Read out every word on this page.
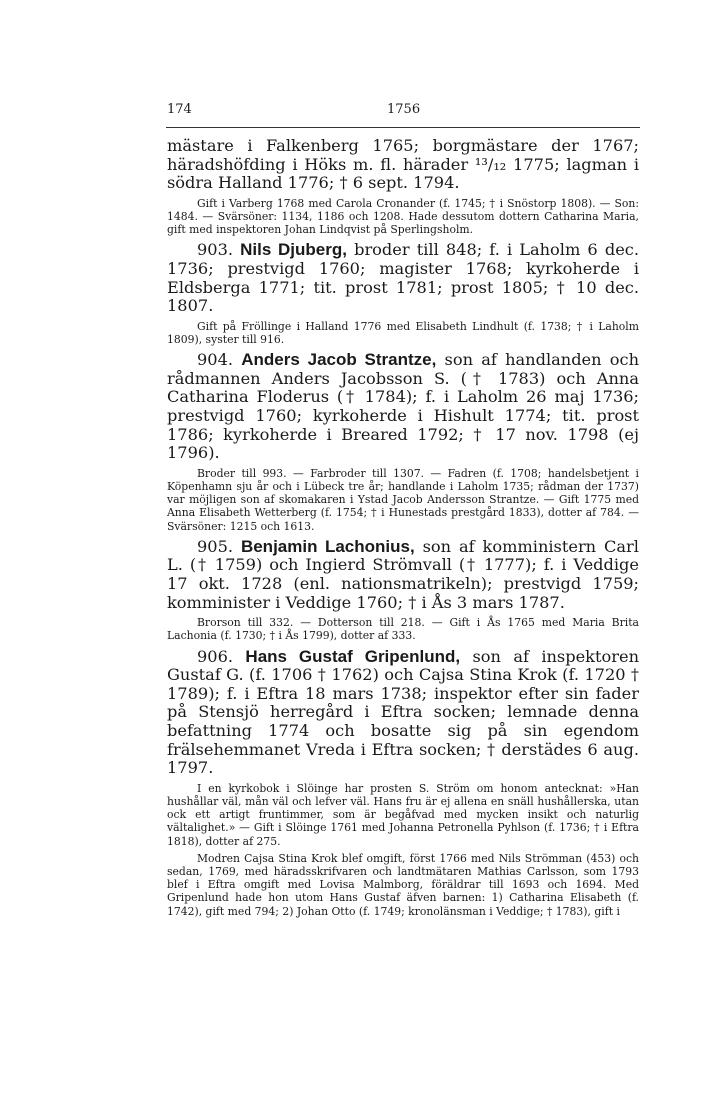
174	1756

mästare i Falkenberg 1765; borgmästare der 1767; häradshöfding i Höks m. fl. härader ¹³/₁₂ 1775; lagman i södra Halland 1776; † 6 sept. 1794.

Gift i Varberg 1768 med Carola Cronander (f. 1745; † i Snöstorp 1808). — Son: 1484. — Svärsöner: 1134, 1186 och 1208. Hade dessutom dottern Catharina Maria, gift med inspektoren Johan Lindqvist på Sperlingsholm.

903. Nils Djuberg, broder till 848; f. i Laholm 6 dec. 1736; prestvigd 1760; magister 1768; kyrkoherde i Eldsberga 1771; tit. prost 1781; prost 1805; † 10 dec. 1807.

Gift på Fröllinge i Halland 1776 med Elisabeth Lindhult (f. 1738; † i Laholm 1809), syster till 916.

904. Anders Jacob Strantze, son af handlanden och rådmannen Anders Jacobsson S. († 1783) och Anna Catharina Floderus († 1784); f. i Laholm 26 maj 1736; prestvigd 1760; kyrkoherde i Hishult 1774; tit. prost 1786; kyrkoherde i Breared 1792; † 17 nov. 1798 (ej 1796).

Broder till 993. — Farbroder till 1307. — Fadren (f. 1708; handelsbetjent i Köpenhamn sju år och i Lübeck tre år; handlande i Laholm 1735; rådman der 1737) var möjligen son af skomakaren i Ystad Jacob Andersson Strantze. — Gift 1775 med Anna Elisabeth Wetterberg (f. 1754; † i Hunestads prestgård 1833), dotter af 784. — Svärsöner: 1215 och 1613.

905. Benjamin Lachonius, son af komministern Carl L. († 1759) och Ingierd Strömvall († 1777); f. i Veddige 17 okt. 1728 (enl. nationsmatrikeln); prestvigd 1759; komminister i Veddige 1760; † i Ås 3 mars 1787.

Brorson till 332. — Dotterson till 218. — Gift i Ås 1765 med Maria Brita Lachonia (f. 1730; † i Ås 1799), dotter af 333.

906. Hans Gustaf Gripenlund, son af inspektoren Gustaf G. (f. 1706 † 1762) och Cajsa Stina Krok (f. 1720 † 1789); f. i Eftra 18 mars 1738; inspektor efter sin fader på Stensjö herregård i Eftra socken; lemnade denna befattning 1774 och bosatte sig på sin egendom frälsehemmanet Vreda i Eftra socken; † derstädes 6 aug. 1797.

I en kyrkobok i Slöinge har prosten S. Ström om honom antecknat: »Han hushållar väl, mån väl och lefver väl. Hans fru är ej allena en snäll hushållerska, utan ock ett artigt fruntimmer, som är begåfvad med mycken insikt och naturlig vältalighet.» — Gift i Slöinge 1761 med Johanna Petronella Pyhlson (f. 1736; † i Eftra 1818), dotter af 275.

Modren Cajsa Stina Krok blef omgift, först 1766 med Nils Strömman (453) och sedan, 1769, med häradsskrifvaren och landtmätaren Mathias Carlsson, som 1793 blef i Eftra omgift med Lovisa Malmborg, föräldrar till 1693 och 1694. Med Gripenlund hade hon utom Hans Gustaf äfven barnen: 1) Catharina Elisabeth (f. 1742), gift med 794; 2) Johan Otto (f. 1749; kronolänsman i Veddige; † 1783), gift i
